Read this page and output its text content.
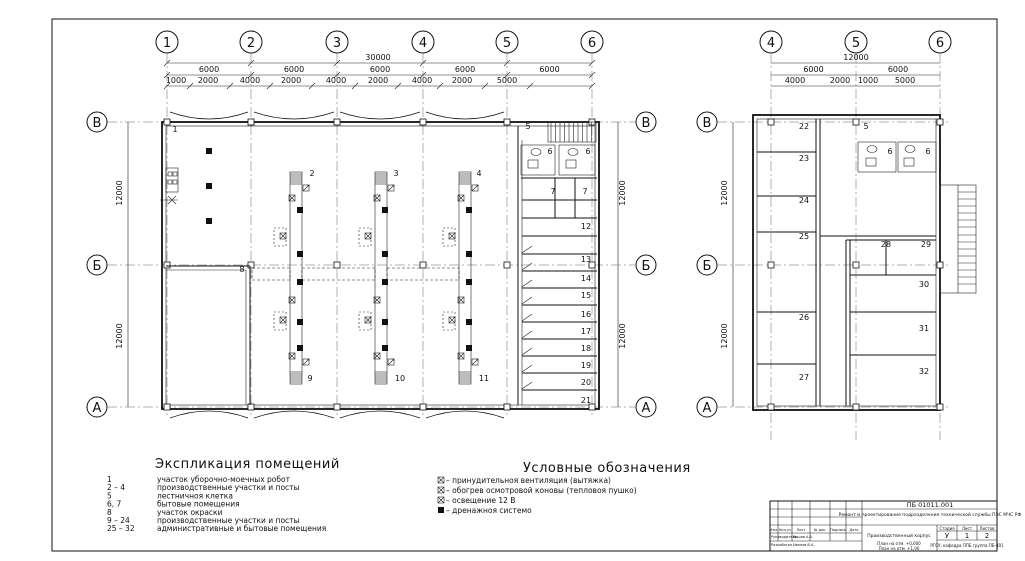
1	2	3	4	5	6
В	В
Б	Б
А	А
30000
6000	6000	6000	6000	6000
12000	12000
12000	12000
1000 2000	4000	2000	4000	2000	4000 2000	5000
1
2	3	4
5
6	6
7	7
8
9	10	11
12
13
14
15
16
17
18
19
20
21
4	5	6
В
Б
А
12000
6000	6000
12000
12000
4000	2000 1000 5000
22	5
6	6
23
24
25
28	29
30
26
31
27
32
Экспликация помещений
1	участок уборочно-моечных робот
2 – 4	производственные участки и посты
5	лестничноя клетка
6, 7	бытовые помещения
8	участок окраски
9 – 24	производственные участки и посты
25 – 32	административные и бытовые помещения
Условные обозначения
– принудительноя вентиляция (вытяжка)
– обогрев осмотровой коновы (тепловоя пушко)
– освещение 12 В
– дренажноя системо
ПБ 01011.001
Ремонт и проектирование подразделения технической службы ПЭС МЧС РФ
Производственный корпус
План на отм. +0,000
План на отм. +1,00
Стадия Лист Листов
У 1 2
РГСУ, кафедра ППБ группа ПБ-491
Изм. Кол.уч Лист № док. Подпись Дата
Руководитель
Ершов А.А.
Разработал Иванов В.А.
